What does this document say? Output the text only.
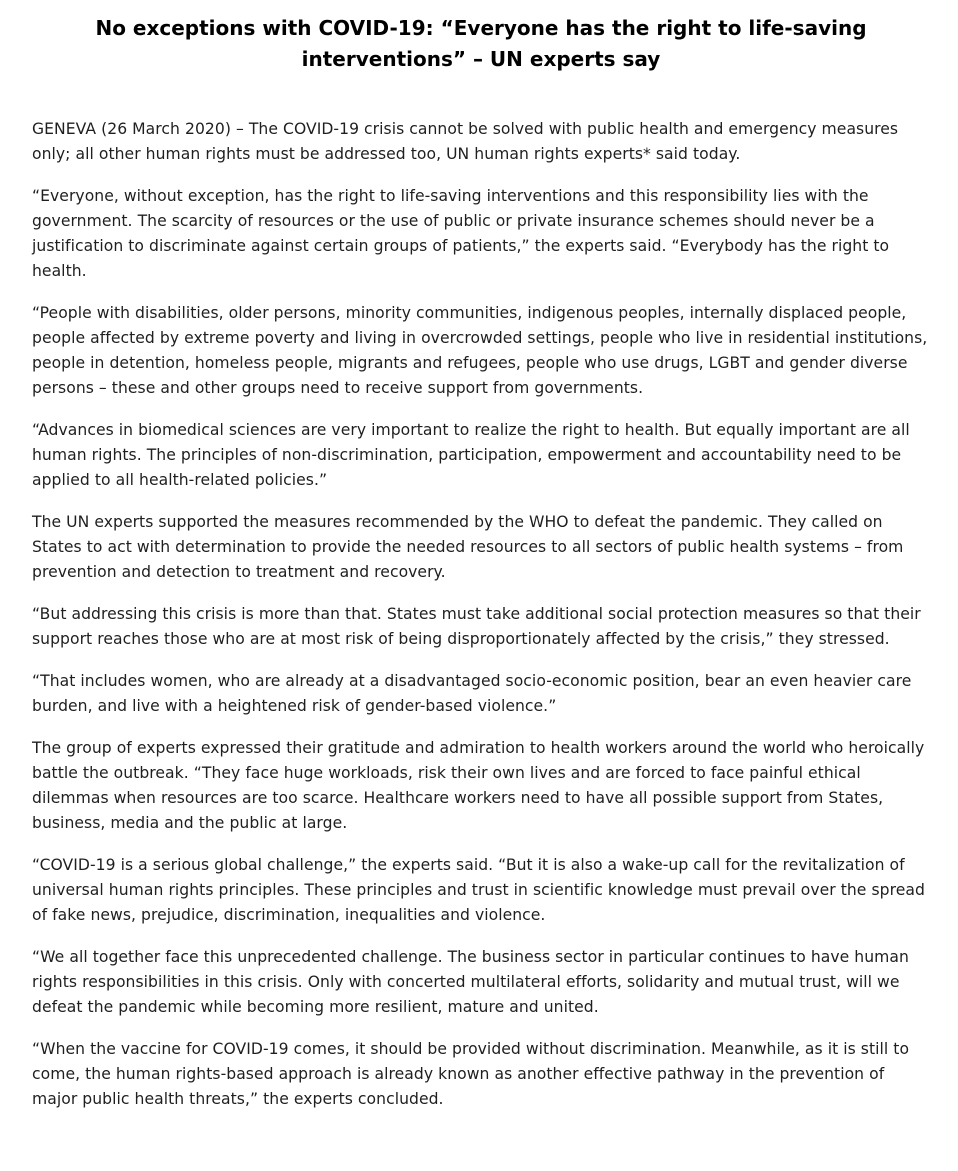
No exceptions with COVID-19: “Everyone has the right to life-saving interventions” – UN experts say

GENEVA (26 March 2020) – The COVID-19 crisis cannot be solved with public health and emergency measures only; all other human rights must be addressed too, UN human rights experts* said today.

“Everyone, without exception, has the right to life-saving interventions and this responsibility lies with the government. The scarcity of resources or the use of public or private insurance schemes should never be a justification to discriminate against certain groups of patients,” the experts said. “Everybody has the right to health.

“People with disabilities, older persons, minority communities, indigenous peoples, internally displaced people, people affected by extreme poverty and living in overcrowded settings, people who live in residential institutions, people in detention, homeless people, migrants and refugees, people who use drugs, LGBT and gender diverse persons – these and other groups need to receive support from governments.

“Advances in biomedical sciences are very important to realize the right to health. But equally important are all human rights. The principles of non-discrimination, participation, empowerment and accountability need to be applied to all health-related policies.”

The UN experts supported the measures recommended by the WHO to defeat the pandemic. They called on States to act with determination to provide the needed resources to all sectors of public health systems – from prevention and detection to treatment and recovery.

“But addressing this crisis is more than that. States must take additional social protection measures so that their support reaches those who are at most risk of being disproportionately affected by the crisis,” they stressed.

“That includes women, who are already at a disadvantaged socio-economic position, bear an even heavier care burden, and live with a heightened risk of gender-based violence.”

The group of experts expressed their gratitude and admiration to health workers around the world who heroically battle the outbreak. “They face huge workloads, risk their own lives and are forced to face painful ethical dilemmas when resources are too scarce. Healthcare workers need to have all possible support from States, business, media and the public at large.

“COVID-19 is a serious global challenge,” the experts said. “But it is also a wake-up call for the revitalization of universal human rights principles. These principles and trust in scientific knowledge must prevail over the spread of fake news, prejudice, discrimination, inequalities and violence.

“We all together face this unprecedented challenge. The business sector in particular continues to have human rights responsibilities in this crisis. Only with concerted multilateral efforts, solidarity and mutual trust, will we defeat the pandemic while becoming more resilient, mature and united.

“When the vaccine for COVID-19 comes, it should be provided without discrimination. Meanwhile, as it is still to come, the human rights-based approach is already known as another effective pathway in the prevention of major public health threats,” the experts concluded.
